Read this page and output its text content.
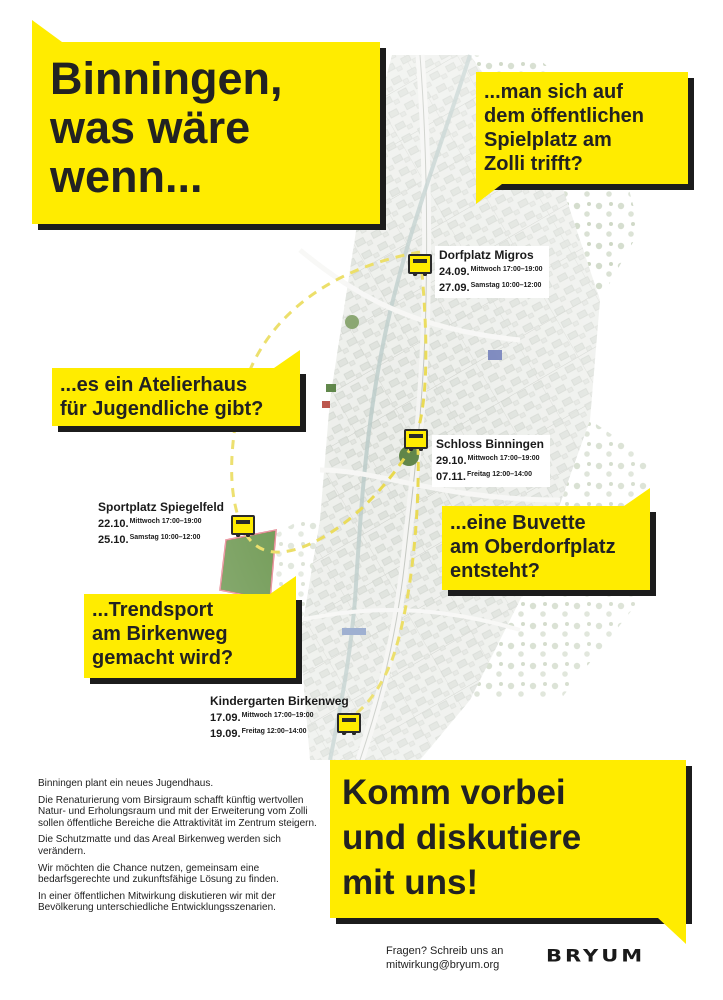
Binningen,
was wäre
wenn...
...man sich auf
dem öffentlichen
Spielplatz am
Zolli trifft?
...es ein Atelierhaus
für Jugendliche gibt?
...eine Buvette
am Oberdorfplatz
entsteht?
...Trendsport
am Birkenweg
gemacht wird?
Dorfplatz Migros
24.09.$^{Mittwoch 17:00-19:00}$
27.09.$^{Samstag 10:00-12:00}$
Schloss Binningen
29.10.$^{Mittwoch 17:00-19:00}$
07.11.$^{Freitag 12:00-14:00}$
Sportplatz Spiegelfeld
22.10.$^{Mittwoch 17:00-19:00}$
25.10.$^{Samstag 10:00-12:00}$
Kindergarten Birkenweg
17.09.$^{Mittwoch 17:00-19:00}$
19.09.$^{Freitag 12:00-14:00}$
Komm vorbei
und diskutiere
mit uns!

Binningen plant ein neues Jugendhaus.

Die Renaturierung vom Birsigraum schafft künftig wertvollen Natur- und Erholungsraum und mit der Erweiterung vom Zolli sollen öffentliche Bereiche die Attraktivität im Zentrum steigern.

Die Schutzmatte und das Areal Birkenweg werden sich verändern.

Wir möchten die Chance nutzen, gemeinsam eine bedarfsgerechte und zukunftsfähige Lösung zu finden.

In einer öffentlichen Mitwirkung diskutieren wir mit der Bevölkerung unterschiedliche Entwicklungsszenarien.

Fragen? Schreib uns an
mitwirkung@bryum.org BRYUM
